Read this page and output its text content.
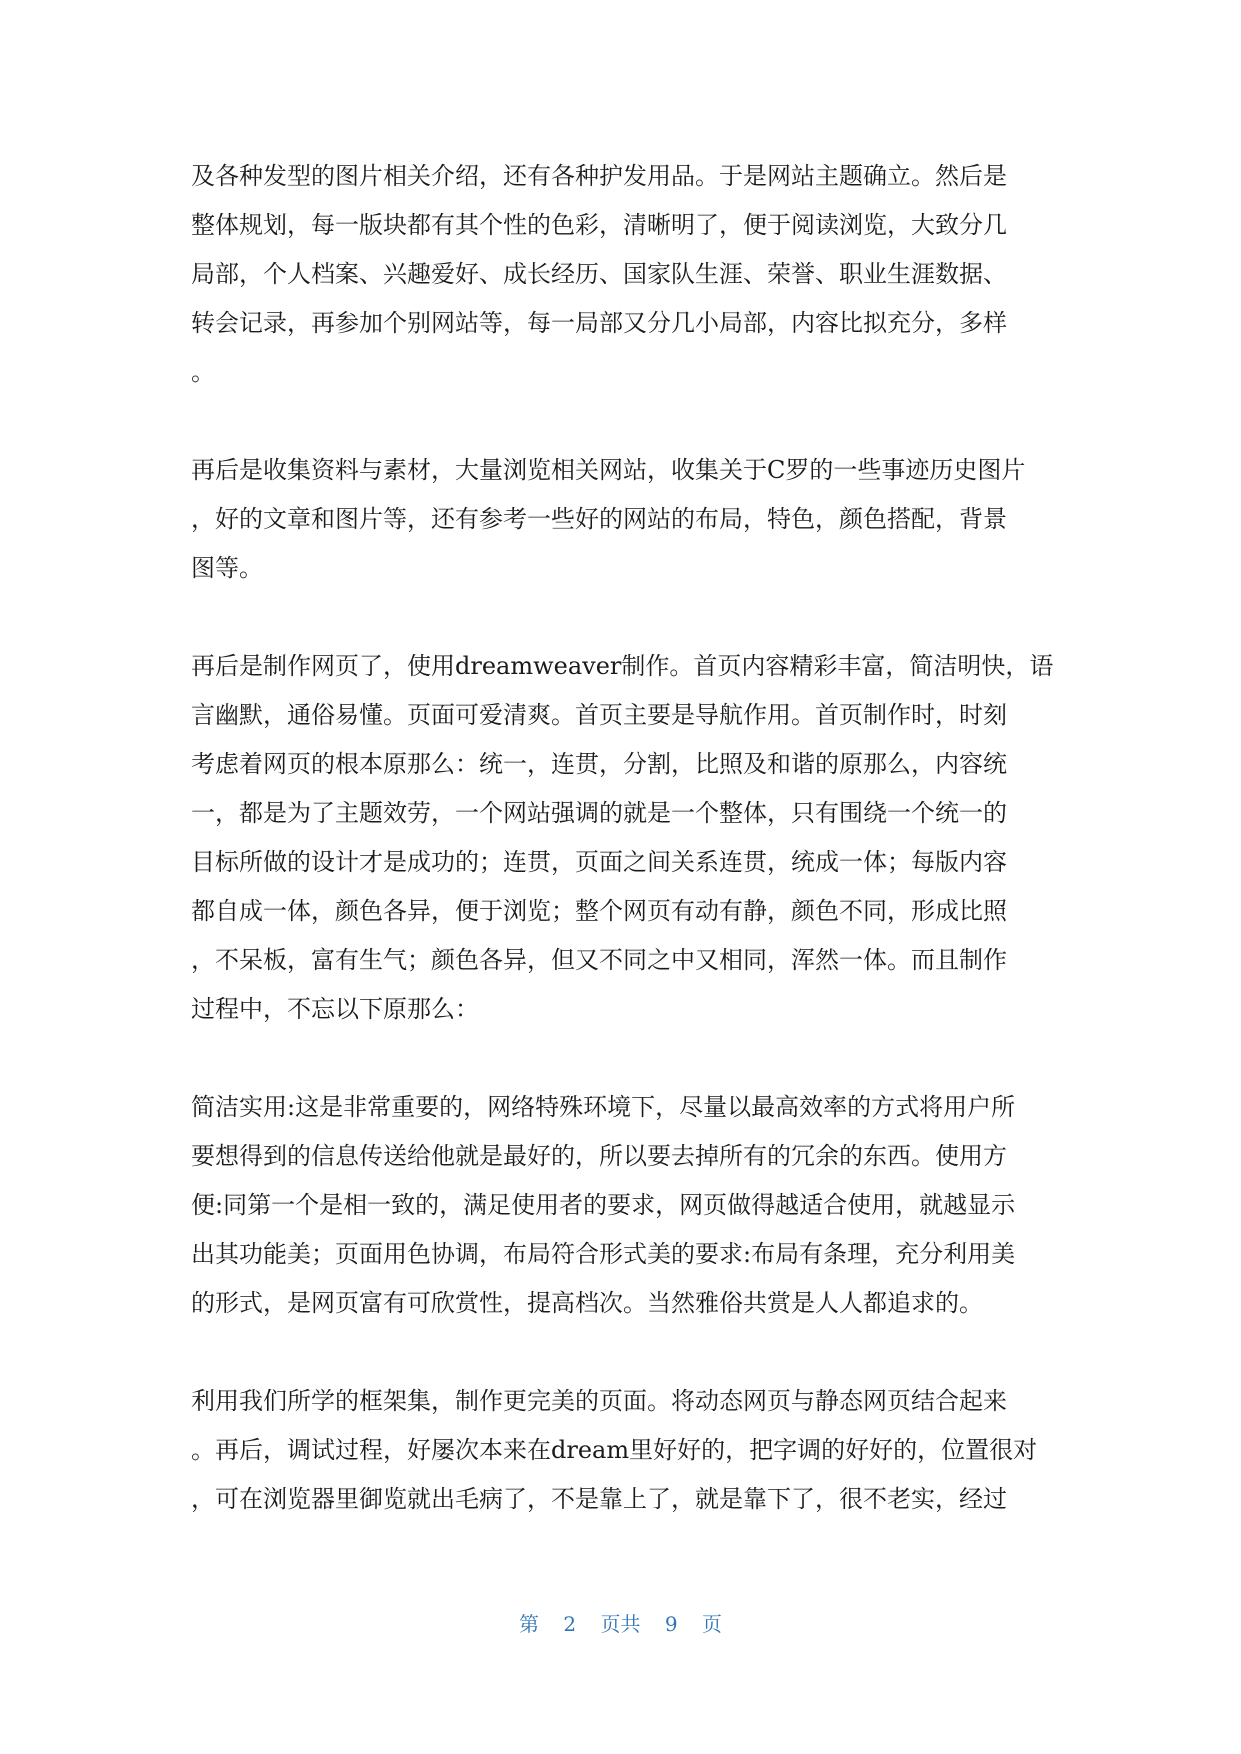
及各种发型的图片相关介绍，还有各种护发用品。于是网站主题确立。然后是
整体规划，每一版块都有其个性的色彩，清晰明了，便于阅读浏览，大致分几
局部，个人档案、兴趣爱好、成长经历、国家队生涯、荣誉、职业生涯数据、
转会记录，再参加个别网站等，每一局部又分几小局部，内容比拟充分，多样
。
再后是收集资料与素材，大量浏览相关网站，收集关于C罗的一些事迹历史图片
，好的文章和图片等，还有参考一些好的网站的布局，特色，颜色搭配，背景
图等。
再后是制作网页了，使用dreamweaver制作。首页内容精彩丰富，简洁明快，语
言幽默，通俗易懂。页面可爱清爽。首页主要是导航作用。首页制作时，时刻
考虑着网页的根本原那么：统一，连贯，分割，比照及和谐的原那么，内容统
一，都是为了主题效劳，一个网站强调的就是一个整体，只有围绕一个统一的
目标所做的设计才是成功的；连贯，页面之间关系连贯，统成一体；每版内容
都自成一体，颜色各异，便于浏览；整个网页有动有静，颜色不同，形成比照
，不呆板，富有生气；颜色各异，但又不同之中又相同，浑然一体。而且制作
过程中，不忘以下原那么：
简洁实用:这是非常重要的，网络特殊环境下，尽量以最高效率的方式将用户所
要想得到的信息传送给他就是最好的，所以要去掉所有的冗余的东西。使用方
便:同第一个是相一致的，满足使用者的要求，网页做得越适合使用，就越显示
出其功能美；页面用色协调，布局符合形式美的要求:布局有条理，充分利用美
的形式，是网页富有可欣赏性，提高档次。当然雅俗共赏是人人都追求的。
利用我们所学的框架集，制作更完美的页面。将动态网页与静态网页结合起来
。再后，调试过程，好屡次本来在dream里好好的，把字调的好好的，位置很对
，可在浏览器里御览就出毛病了，不是靠上了，就是靠下了，很不老实，经过
第 2 页共 9 页
